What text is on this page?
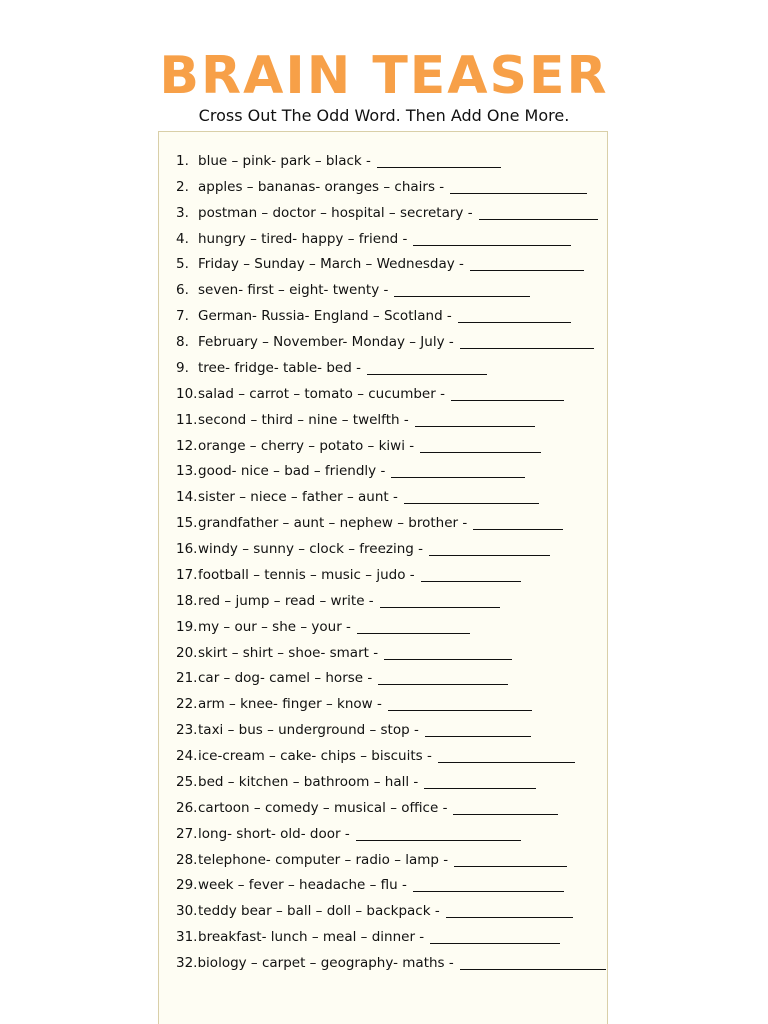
BRAIN TEASER

Cross Out The Odd Word. Then Add One More.

1. blue – pink- park – black -
2. apples – bananas- oranges – chairs -
3. postman – doctor – hospital – secretary -
4. hungry – tired- happy – friend -
5. Friday – Sunday – March – Wednesday -
6. seven- first – eight- twenty -
7. German- Russia- England – Scotland -
8. February – November- Monday – July -
9. tree- fridge- table- bed -
10. salad – carrot – tomato – cucumber -
11. second – third – nine – twelfth -
12. orange – cherry – potato – kiwi -
13. good- nice – bad – friendly -
14. sister – niece – father – aunt -
15. grandfather – aunt – nephew – brother -
16. windy – sunny – clock – freezing -
17. football – tennis – music – judo -
18. red – jump – read – write -
19. my – our – she – your -
20. skirt – shirt – shoe- smart -
21. car – dog- camel – horse -
22. arm – knee- finger – know -
23. taxi – bus – underground – stop -
24. ice-cream – cake- chips – biscuits -
25. bed – kitchen – bathroom – hall -
26. cartoon – comedy – musical – office -
27. long- short- old- door -
28. telephone- computer – radio – lamp -
29. week – fever – headache – flu -
30. teddy bear – ball – doll – backpack -
31. breakfast- lunch – meal – dinner -
32. biology – carpet – geography- maths -
